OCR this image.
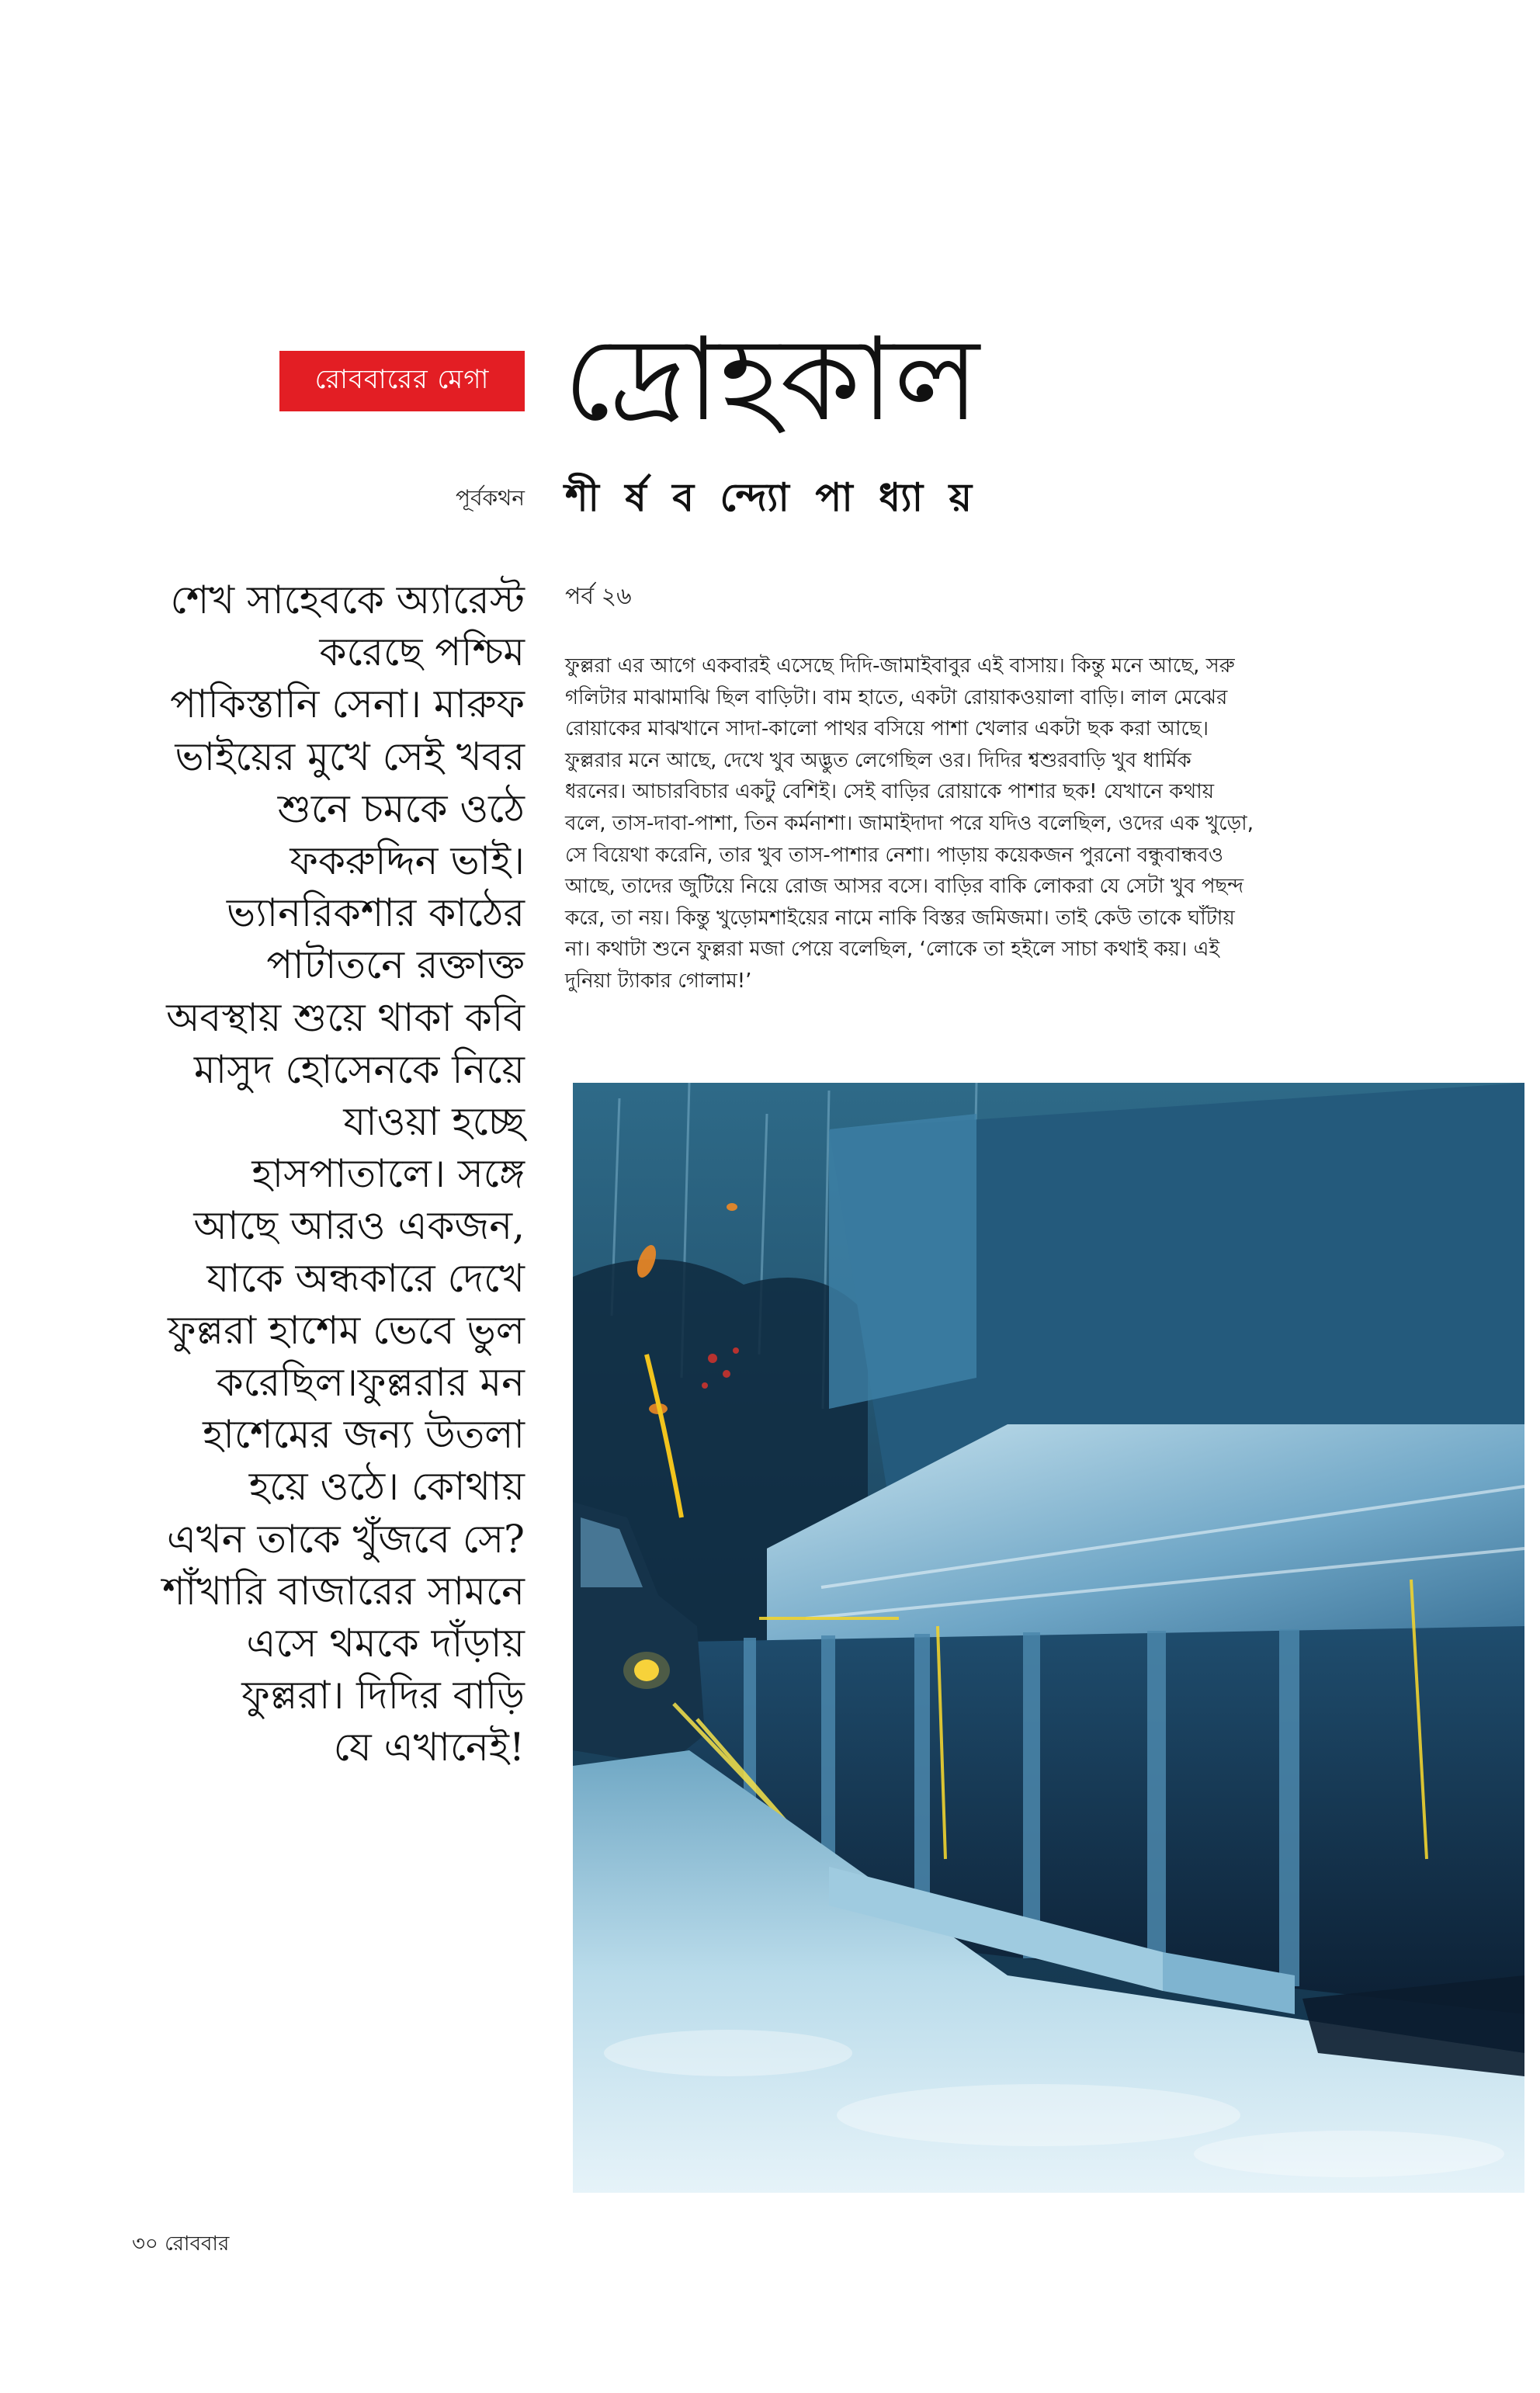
রোববারের মেগা দ্রোহকাল
পূর্বকথন শী র্ষ ব ন্দ্যো পা ধ্যা য়
শেখ সাহেবকে অ্যারেস্ট
করেছে পশ্চিম
পাকিস্তানি সেনা। মারুফ
ভাইয়ের মুখে সেই খবর
শুনে চমকে ওঠে
ফকরুদ্দিন ভাই।
ভ্যানরিকশার কাঠের
পাটাতনে রক্তাক্ত
অবস্থায় শুয়ে থাকা কবি
মাসুদ হোসেনকে নিয়ে
যাওয়া হচ্ছে
হাসপাতালে। সঙ্গে
আছে আরও একজন,
যাকে অন্ধকারে দেখে
ফুল্লরা হাশেম ভেবে ভুল
করেছিল।ফুল্লরার মন
হাশেমের জন্য উতলা
হয়ে ওঠে। কোথায়
এখন তাকে খুঁজবে সে?
শাঁখারি বাজারের সামনে
এসে থমকে দাঁড়ায়
ফুল্লরা। দিদির বাড়ি
যে এখানেই!
পর্ব ২৬
ফুল্লরা এর আগে একবারই এসেছে দিদি-জামাইবাবুর এই বাসায়। কিন্তু মনে আছে, সরু
গলিটার মাঝামাঝি ছিল বাড়িটা। বাম হাতে, একটা রোয়াকওয়ালা বাড়ি। লাল মেঝের
রোয়াকের মাঝখানে সাদা-কালো পাথর বসিয়ে পাশা খেলার একটা ছক করা আছে।
ফুল্লরার মনে আছে, দেখে খুব অদ্ভুত লেগেছিল ওর। দিদির শ্বশুরবাড়ি খুব ধার্মিক
ধরনের। আচারবিচার একটু বেশিই। সেই বাড়ির রোয়াকে পাশার ছক! যেখানে কথায়
বলে, তাস-দাবা-পাশা, তিন কর্মনাশা। জামাইদাদা পরে যদিও বলেছিল, ওদের এক খুড়ো,
সে বিয়েথা করেনি, তার খুব তাস-পাশার নেশা। পাড়ায় কয়েকজন পুরনো বন্ধুবান্ধবও
আছে, তাদের জুটিয়ে নিয়ে রোজ আসর বসে। বাড়ির বাকি লোকরা যে সেটা খুব পছন্দ
করে, তা নয়। কিন্তু খুড়োমশাইয়ের নামে নাকি বিস্তর জমিজমা। তাই কেউ তাকে ঘাঁটায়
না। কথাটা শুনে ফুল্লরা মজা পেয়ে বলেছিল, ‘লোকে তা হইলে সাচা কথাই কয়। এই
দুনিয়া ট্যাকার গোলাম!’
৩০ রোববার
